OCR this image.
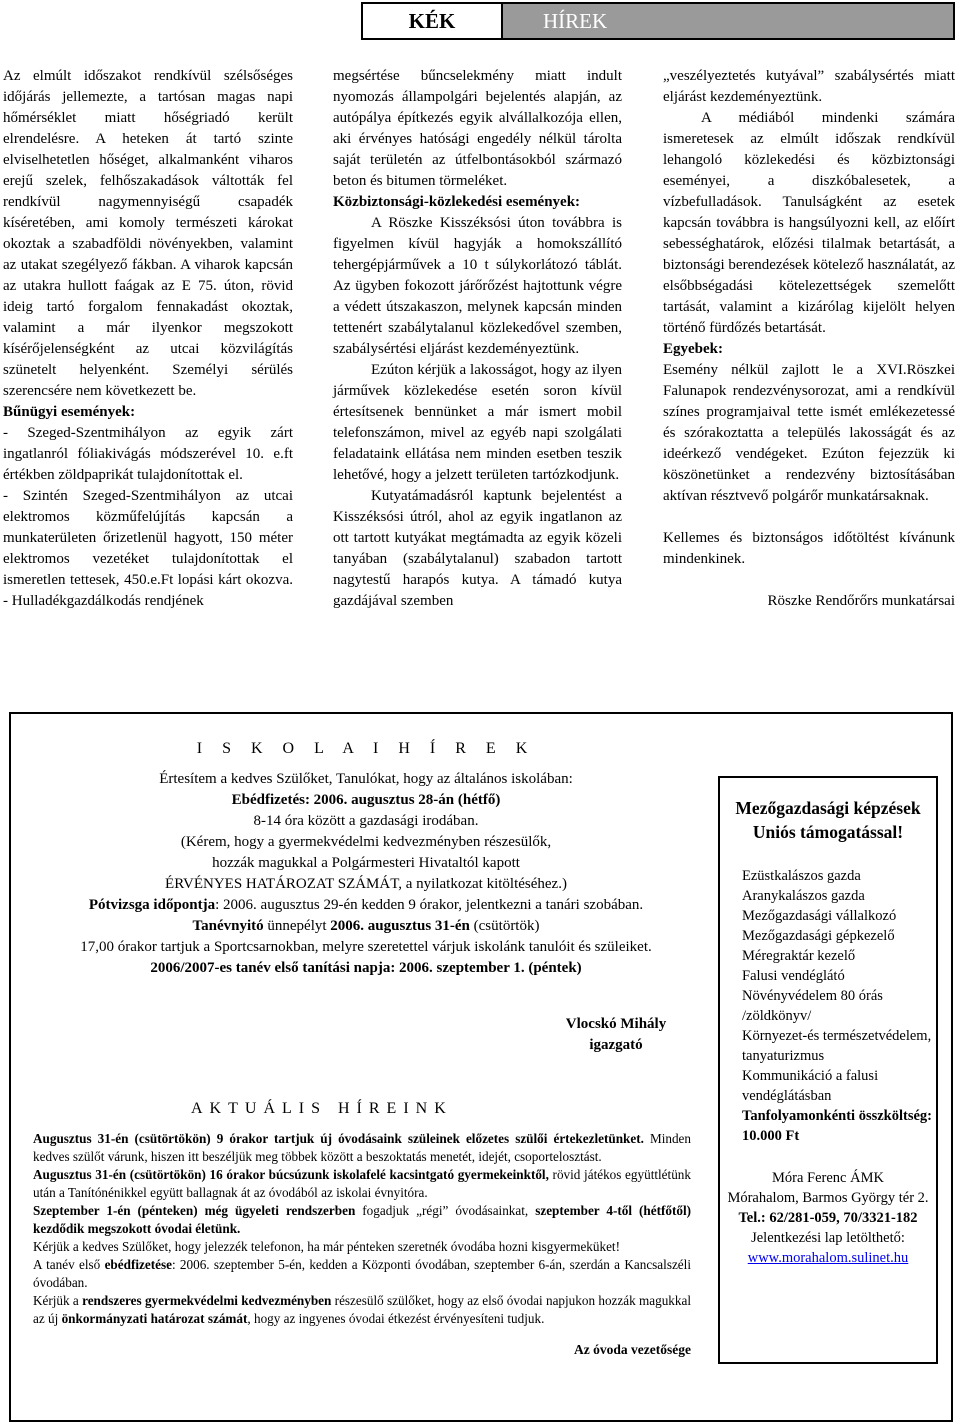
KÉK	HÍREK

Az elmúlt időszakot rendkívül szélsőséges időjárás jellemezte, a tartósan magas napi hőmérséklet miatt hőségriadó került elrendelésre. A heteken át tartó szinte elviselhetetlen hőséget, alkalmanként viharos erejű szelek, felhőszakadások váltották fel rendkívül nagymennyiségű csapadék kíséretében, ami komoly természeti károkat okoztak a szabadföldi növényekben, valamint az utakat szegélyező fákban. A viharok kapcsán az utakra hullott faágak az E 75. úton, rövid ideig tartó forgalom fennakadást okoztak, valamint a már ilyenkor megszokott kísérőjelenségként az utcai közvilágítás szünetelt helyenként. Személyi sérülés szerencsére nem következett be.

Bűnügyi események:

- Szeged-Szentmihályon az egyik zárt ingatlanról fóliakivágás módszerével 10. e.ft értékben zöldpaprikát tulajdonítottak el.

- Szintén Szeged-Szentmihályon az utcai elektromos közműfelújítás kapcsán a munkaterületen őrizetlenül hagyott, 150 méter elektromos vezetéket tulajdonítottak el ismeretlen tettesek, 450.e.Ft lopási kárt okozva. - Hulladékgazdálkodás rendjének

megsértése bűncselekmény miatt indult nyomozás állampolgári bejelentés alapján, az autópálya építkezés egyik alvállalkozója ellen, aki érvényes hatósági engedély nélkül tárolta saját területén az útfelbontásokból származó beton és bitumen törmeléket.

Közbiztonsági-közlekedési események:

A Röszke Kisszéksósi úton továbbra is figyelmen kívül hagyják a homokszállító tehergépjárművek a 10 t súlykorlátozó táblát. Az ügyben fokozott járőrőzést hajtottunk végre a védett útszakaszon, melynek kapcsán minden tettenért szabálytalanul közlekedővel szemben, szabálysértési eljárást kezdeményeztünk.

Ezúton kérjük a lakosságot, hogy az ilyen járművek közlekedése esetén soron kívül értesítsenek bennünket a már ismert mobil telefonszámon, mivel az egyéb napi szolgálati feladataink ellátása nem minden esetben teszik lehetővé, hogy a jelzett területen tartózkodjunk.

Kutyatámadásról kaptunk bejelentést a Kisszéksósi útról, ahol az egyik ingatlanon az ott tartott kutyákat megtámadta az egyik közeli tanyában (szabálytalanul) szabadon tartott nagytestű harapós kutya. A támadó kutya gazdájával szemben

„veszélyeztetés kutyával” szabálysértés miatt eljárást kezdeményeztünk.

A médiából mindenki számára ismeretesek az elmúlt időszak rendkívül lehangoló közlekedési és közbiztonsági eseményei, a diszkóbalesetek, a vízbefulladások. Tanulságként az esetek kapcsán továbbra is hangsúlyozni kell, az előírt sebességhatárok, előzési tilalmak betartását, a biztonsági berendezések kötelező használatát, az elsőbbségadási kötelezettségek szemelőtt tartását, valamint a kizárólag kijelölt helyen történő fürdőzés betartását.

Egyebek:

Esemény nélkül zajlott le a XVI.Röszkei Falunapok rendezvénysorozat, ami a rendkívül színes programjaival tette ismét emlékezetessé és szórakoztatta a település lakosságát és az ideérkező vendégeket. Ezúton fejezzük ki köszönetünket a rendezvény biztosításában aktívan résztvevő polgárőr munkatársaknak.

Kellemes és biztonságos időtöltést kívánunk mindenkinek.

Röszke Rendőrőrs munkatársai

I S K O L A I H Í R E K

Értesítem a kedves Szülőket, Tanulókat, hogy az általános iskolában:

Ebédfizetés: 2006. augusztus 28-án (hétfő)

8-14 óra között a gazdasági irodában.

(Kérem, hogy a gyermekvédelmi kedvezményben részesülők,

hozzák magukkal a Polgármesteri Hivataltól kapott

ÉRVÉNYES HATÁROZAT SZÁMÁT, a nyilatkozat kitöltéséhez.)

Pótvizsga időpontja: 2006. augusztus 29-én kedden 9 órakor, jelentkezni a tanári szobában.

Tanévnyitó ünnepélyt 2006. augusztus 31-én (csütörtök)

17,00 órakor tartjuk a Sportcsarnokban, melyre szeretettel várjuk iskolánk tanulóit és szüleiket.

2006/2007-es tanév első tanítási napja: 2006. szeptember 1. (péntek)

Vlocskó Mihály
igazgató
AKTUÁLIS HÍREINK

Augusztus 31-én (csütörtökön) 9 órakor tartjuk új óvodásaink szüleinek előzetes szülői értekezletünket. Minden kedves szülőt várunk, hiszen itt beszéljük meg többek között a beszoktatás menetét, idejét, csoportelosztást.

Augusztus 31-én (csütörtökön) 16 órakor búcsúzunk iskolafelé kacsintgató gyermekeinktől, rövid játékos együttlétünk után a Tanítónénikkel együtt ballagnak át az óvodából az iskolai évnyitóra.

Szeptember 1-én (pénteken) még ügyeleti rendszerben fogadjuk „régi” óvodásainkat, szeptember 4-től (hétfőtől) kezdődik megszokott óvodai életünk.

Kérjük a kedves Szülőket, hogy jelezzék telefonon, ha már pénteken szeretnék óvodába hozni kisgyermeküket!

A tanév első ebédfizetése: 2006. szeptember 5-én, kedden a Központi óvodában, szeptember 6-án, szerdán a Kancsalszéli óvodában.

Kérjük a rendszeres gyermekvédelmi kedvezményben részesülő szülőket, hogy az első óvodai napjukon hozzák magukkal az új önkormányzati határozat számát, hogy az ingyenes óvodai étkezést érvényesíteni tudjuk.

Az óvoda vezetősége
Mezőgazdasági képzések Uniós támogatással!
Ezüstkalászos gazda
Aranykalászos gazda
Mezőgazdasági vállalkozó
Mezőgazdasági gépkezelő
Méregraktár kezelő
Falusi vendéglátó
Növényvédelem 80 órás /zöldkönyv/
Környezet-és természetvédelem, tanyaturizmus
Kommunikáció a falusi vendéglátásban
Tanfolyamonkénti összköltség: 10.000 Ft

Móra Ferenc ÁMK

Mórahalom, Barmos György tér 2.

Tel.: 62/281-059, 70/3321-182

Jelentkezési lap letölthető:

www.morahalom.sulinet.hu
